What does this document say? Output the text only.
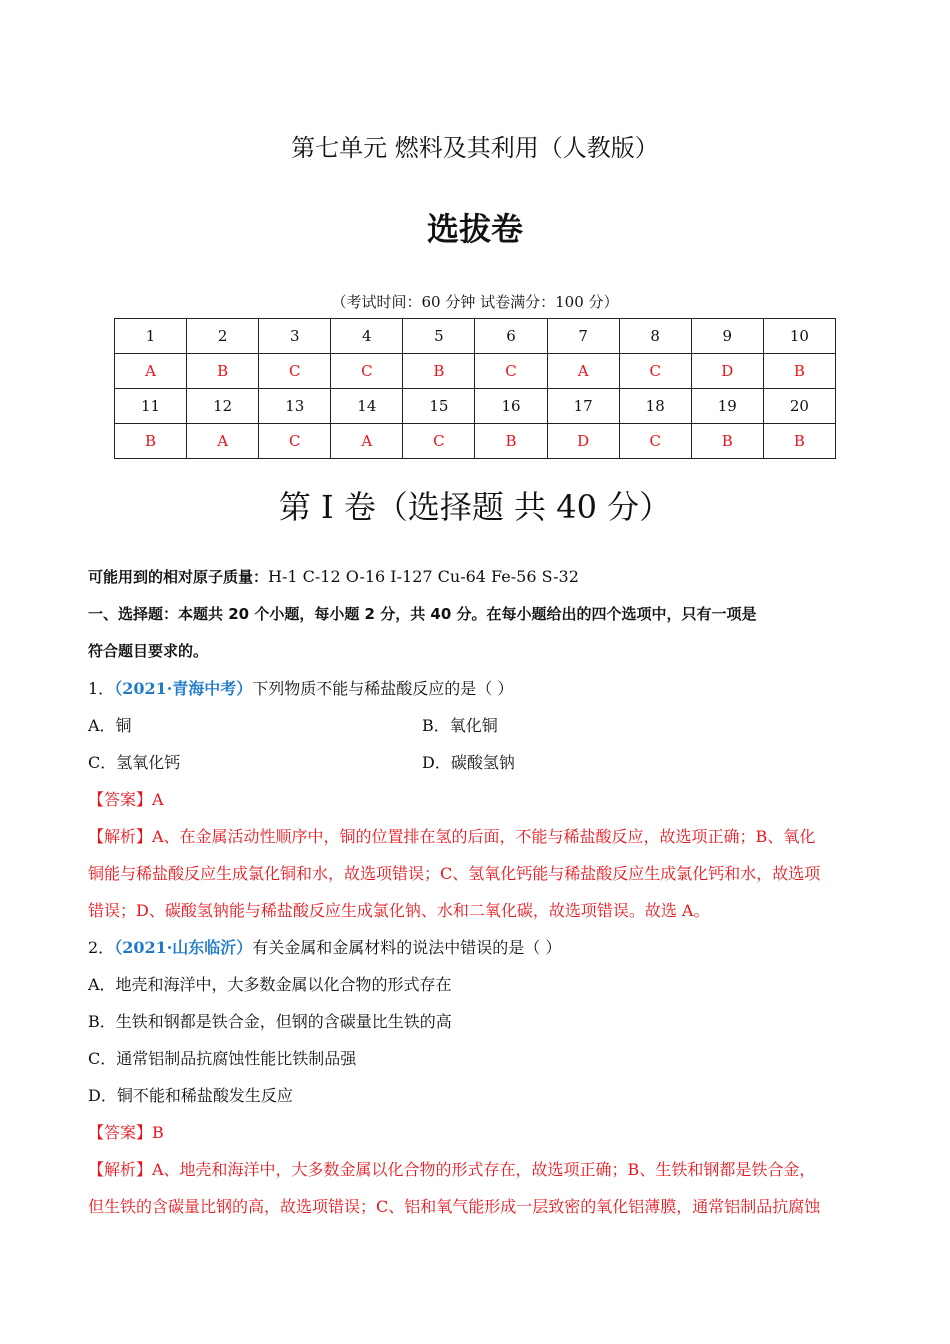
第七单元 燃料及其利用（人教版）
选拔卷
（考试时间：60 分钟 试卷满分：100 分）
1	2	3	4	5	6	7	8	9	10
A	B	C	C	B	C	A	C	D	B
11	12	13	14	15	16	17	18	19	20
B	A	C	A	C	B	D	C	B	B
第 I 卷（选择题 共 40 分）
可能用到的相对原子质量：H-1 C-12 O-16 I-127 Cu-64 Fe-56 S-32
一、选择题：本题共 20 个小题，每小题 2 分，共 40 分。在每小题给出的四个选项中，只有一项是
符合题目要求的。
1．（2021·青海中考）下列物质不能与稀盐酸反应的是（ ）
A．铜	B．氧化铜
C．氢氧化钙	D．碳酸氢钠
【答案】A
【解析】A、在金属活动性顺序中，铜的位置排在氢的后面，不能与稀盐酸反应，故选项正确；B、氧化
铜能与稀盐酸反应生成氯化铜和水，故选项错误；C、氢氧化钙能与稀盐酸反应生成氯化钙和水，故选项
错误；D、碳酸氢钠能与稀盐酸反应生成氯化钠、水和二氧化碳，故选项错误。故选 A。
2．（2021·山东临沂）有关金属和金属材料的说法中错误的是（ ）
A．地壳和海洋中，大多数金属以化合物的形式存在
B．生铁和钢都是铁合金，但钢的含碳量比生铁的高
C．通常铝制品抗腐蚀性能比铁制品强
D．铜不能和稀盐酸发生反应
【答案】B
【解析】A、地壳和海洋中，大多数金属以化合物的形式存在，故选项正确；B、生铁和钢都是铁合金，
但生铁的含碳量比钢的高，故选项错误；C、铝和氧气能形成一层致密的氧化铝薄膜，通常铝制品抗腐蚀
